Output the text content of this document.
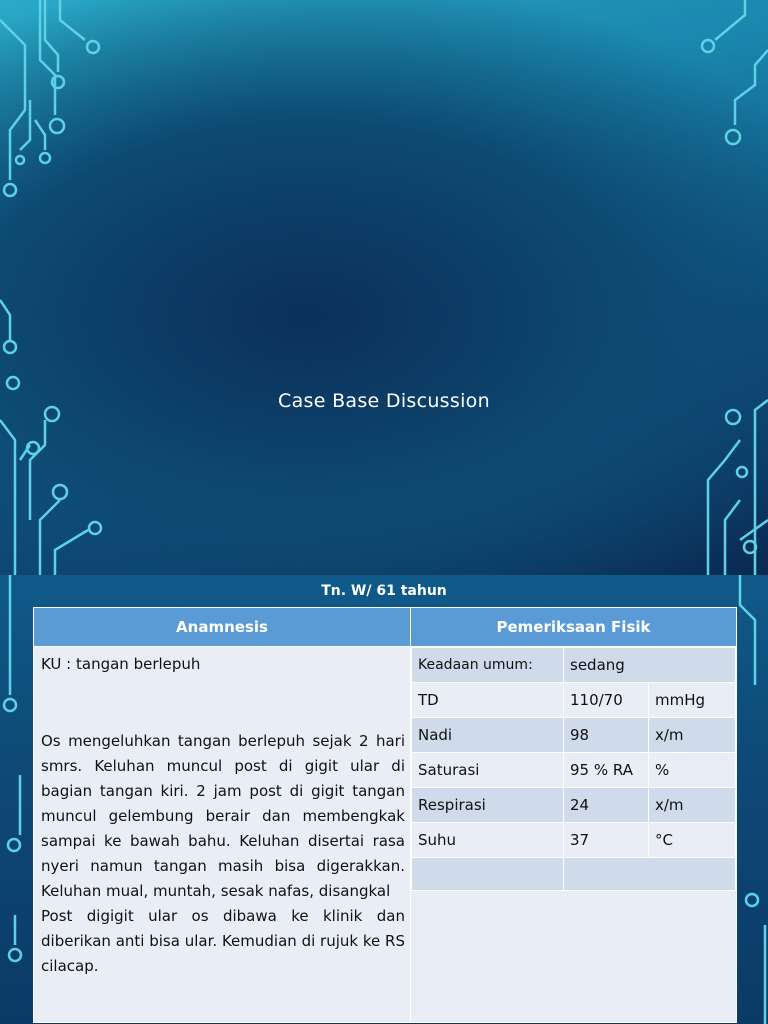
Case Base Discussion
Tn. W/ 61 tahun
Anamnesis	Pemeriksaan Fisik

KU : tangan berlepuh

Os mengeluhkan tangan berlepuh sejak 2 hari smrs. Keluhan muncul post di gigit ular di bagian tangan kiri. 2 jam post di gigit tangan muncul gelembung berair dan membengkak sampai ke bawah bahu. Keluhan disertai rasa nyeri namun tangan masih bisa digerakkan. Keluhan mual, muntah, sesak nafas, disangkal

Post digigit ular os dibawa ke klinik dan diberikan anti bisa ular. Kemudian di rujuk ke RS cilacap.

Keadaan umum:	sedang
TD	110/70	mmHg
Nadi	98	x/m
Saturasi	95 % RA	%
Respirasi	24	x/m
Suhu	37	°C
